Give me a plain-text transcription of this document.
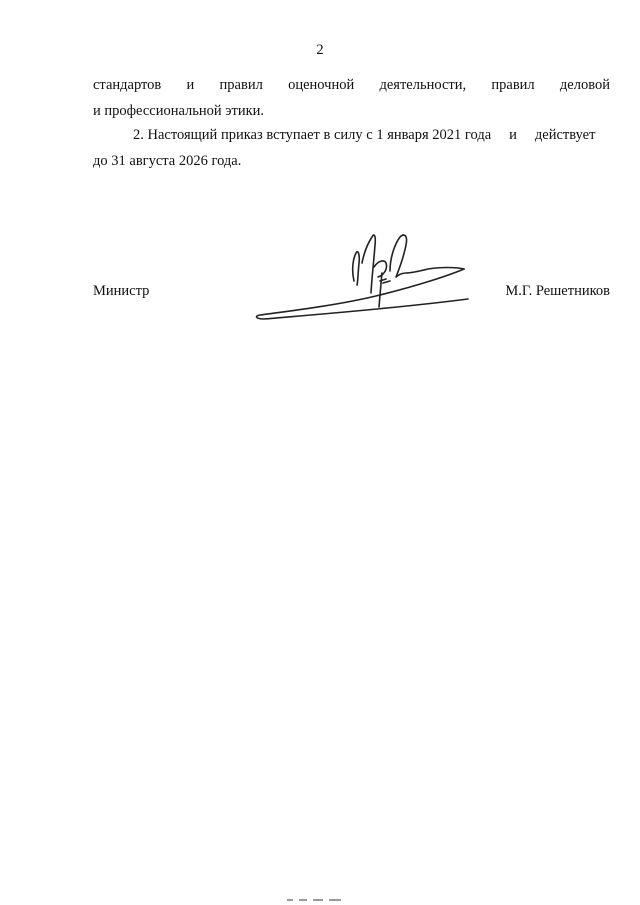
2
стандартов и правил оценочной деятельности, правил деловой
и профессиональной этики.
2. Настоящий приказ вступает в силу с 1 января 2021 года и действует
до 31 августа 2026 года.
Министр	М.Г. Решетников
